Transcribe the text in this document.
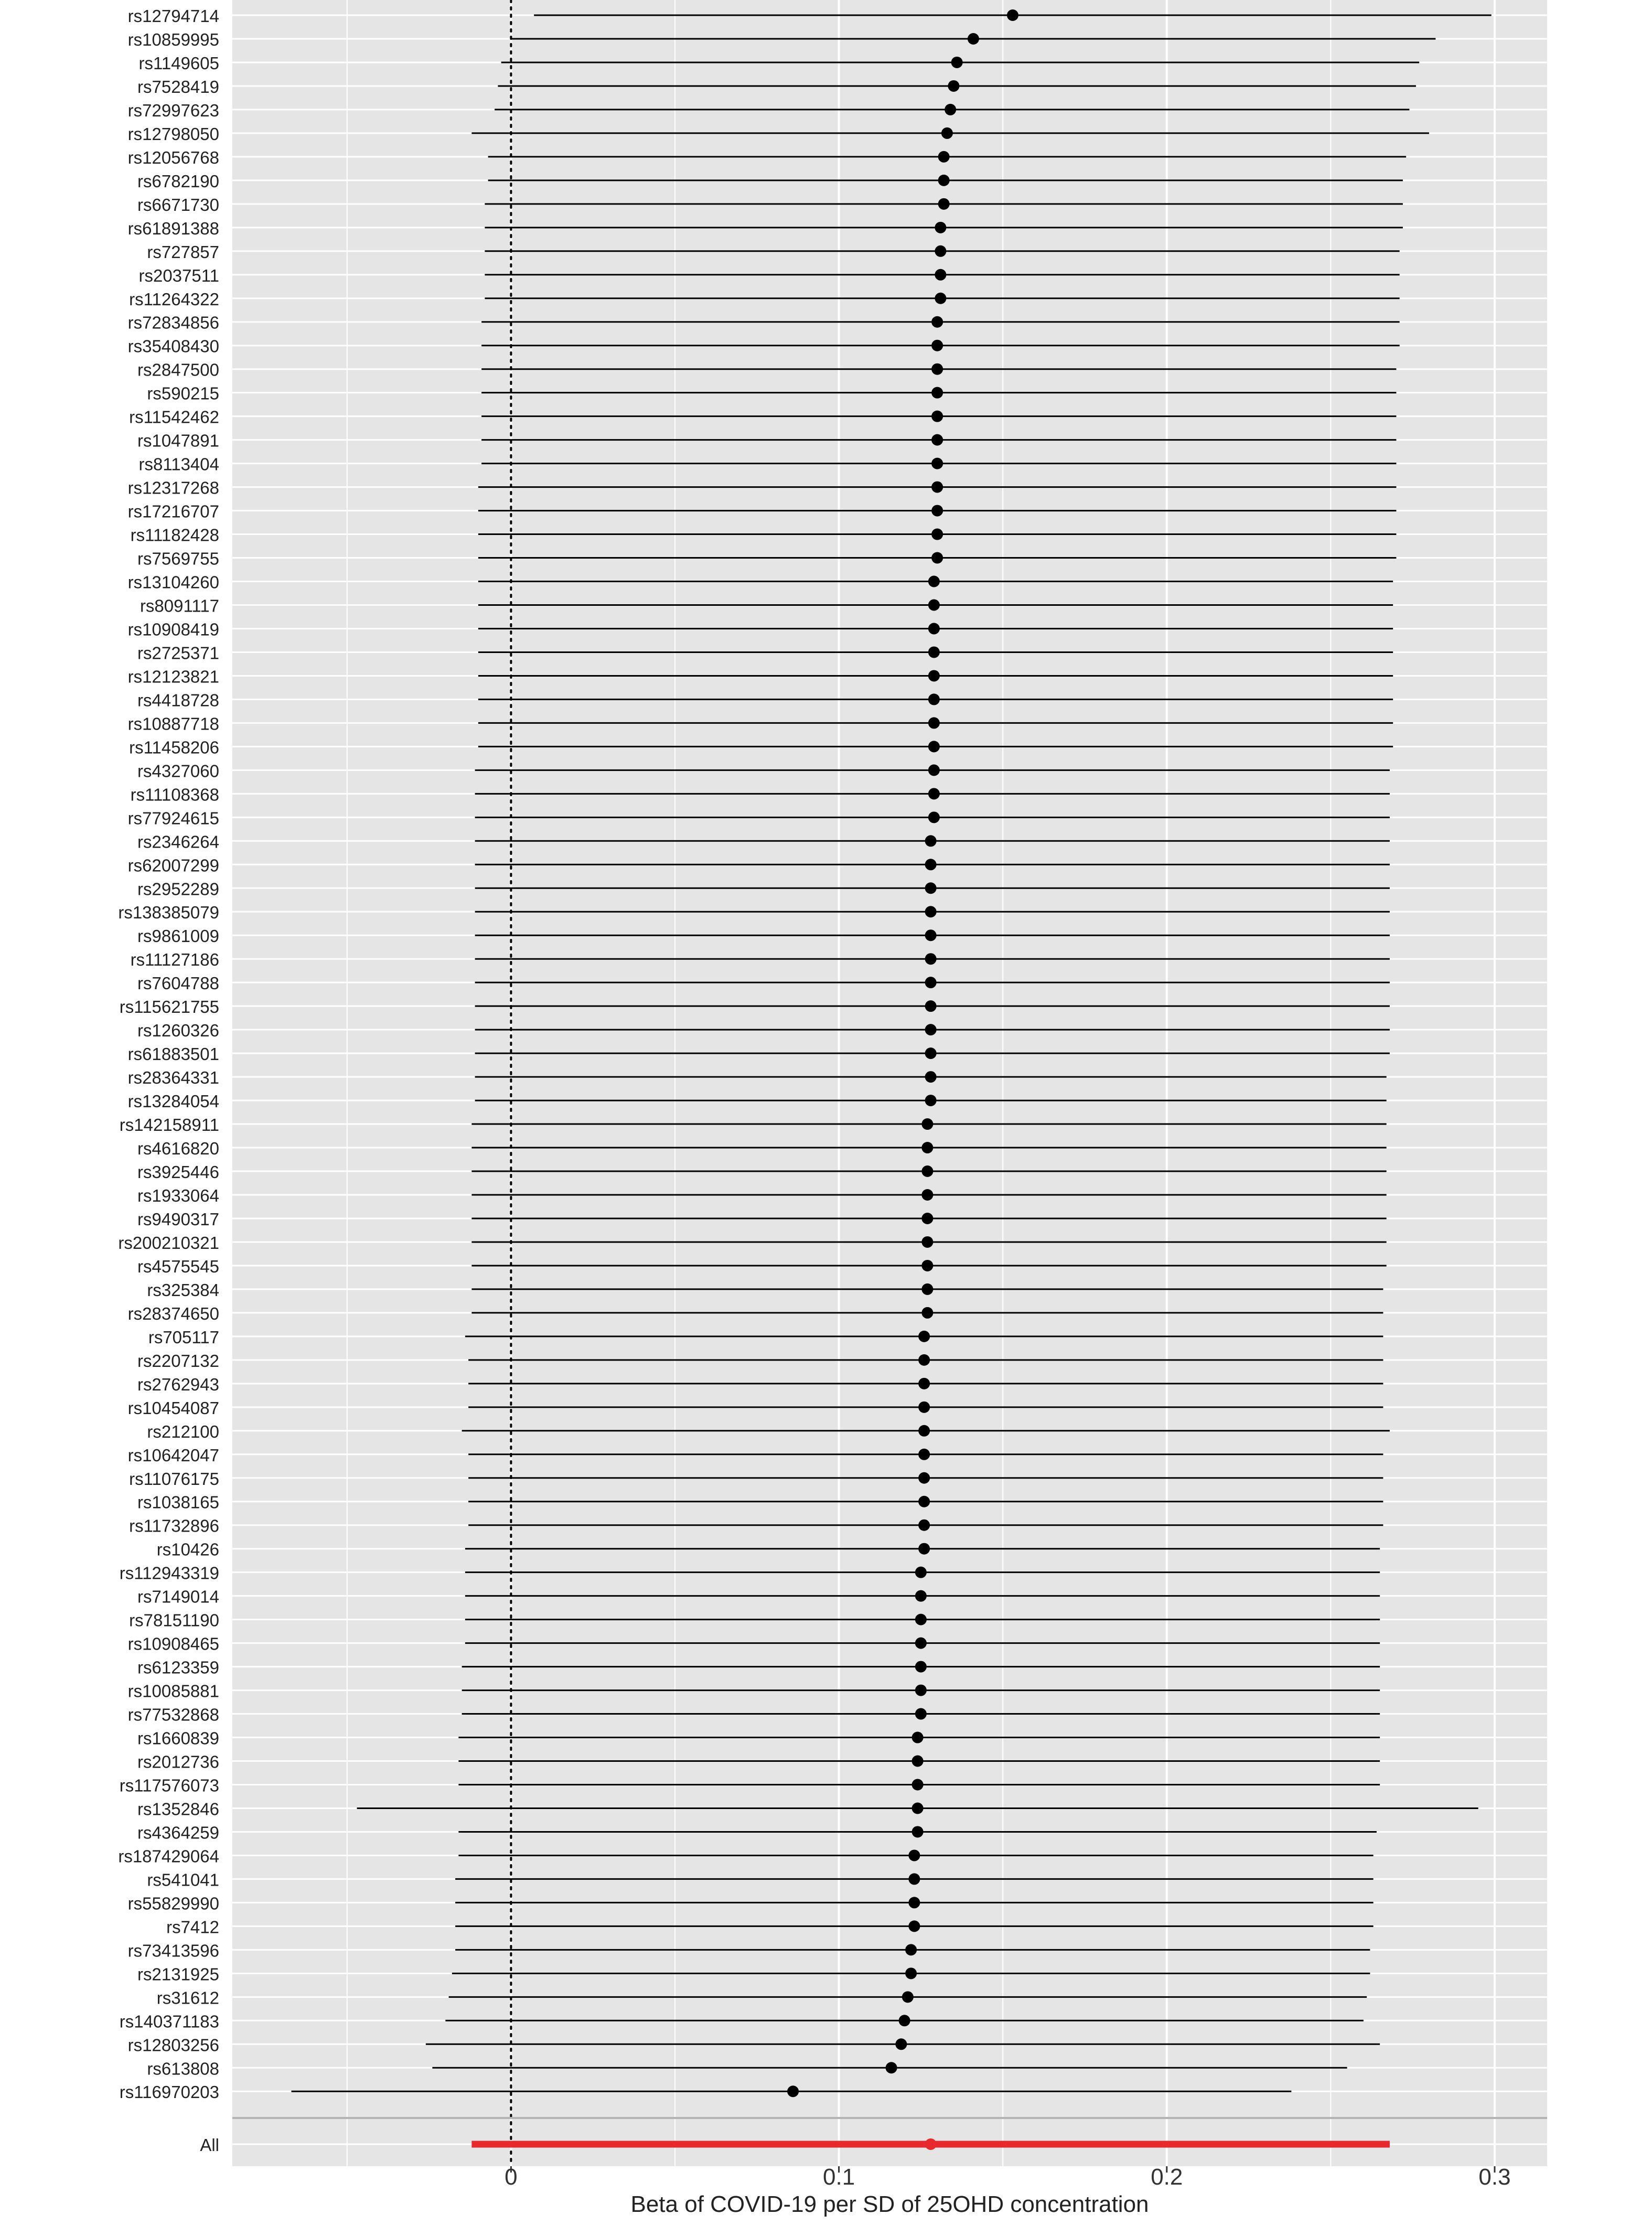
rs12794714
rs10859995
rs1149605
rs7528419
rs72997623
rs12798050
rs12056768
rs6782190
rs6671730
rs61891388
rs727857
rs2037511
rs11264322
rs72834856
rs35408430
rs2847500
rs590215
rs11542462
rs1047891
rs8113404
rs12317268
rs17216707
rs11182428
rs7569755
rs13104260
rs8091117
rs10908419
rs2725371
rs12123821
rs4418728
rs10887718
rs11458206
rs4327060
rs11108368
rs77924615
rs2346264
rs62007299
rs2952289
rs138385079
rs9861009
rs11127186
rs7604788
rs115621755
rs1260326
rs61883501
rs28364331
rs13284054
rs142158911
rs4616820
rs3925446
rs1933064
rs9490317
rs200210321
rs4575545
rs325384
rs28374650
rs705117
rs2207132
rs2762943
rs10454087
rs212100
rs10642047
rs11076175
rs1038165
rs11732896
rs10426
rs112943319
rs7149014
rs78151190
rs10908465
rs6123359
rs10085881
rs77532868
rs1660839
rs2012736
rs117576073
rs1352846
rs4364259
rs187429064
rs541041
rs55829990
rs7412
rs73413596
rs2131925
rs31612
rs140371183
rs12803256
rs613808
rs116970203
All
0	0.1	0.2	0.3
Beta of COVID-19 per SD of 25OHD concentration
